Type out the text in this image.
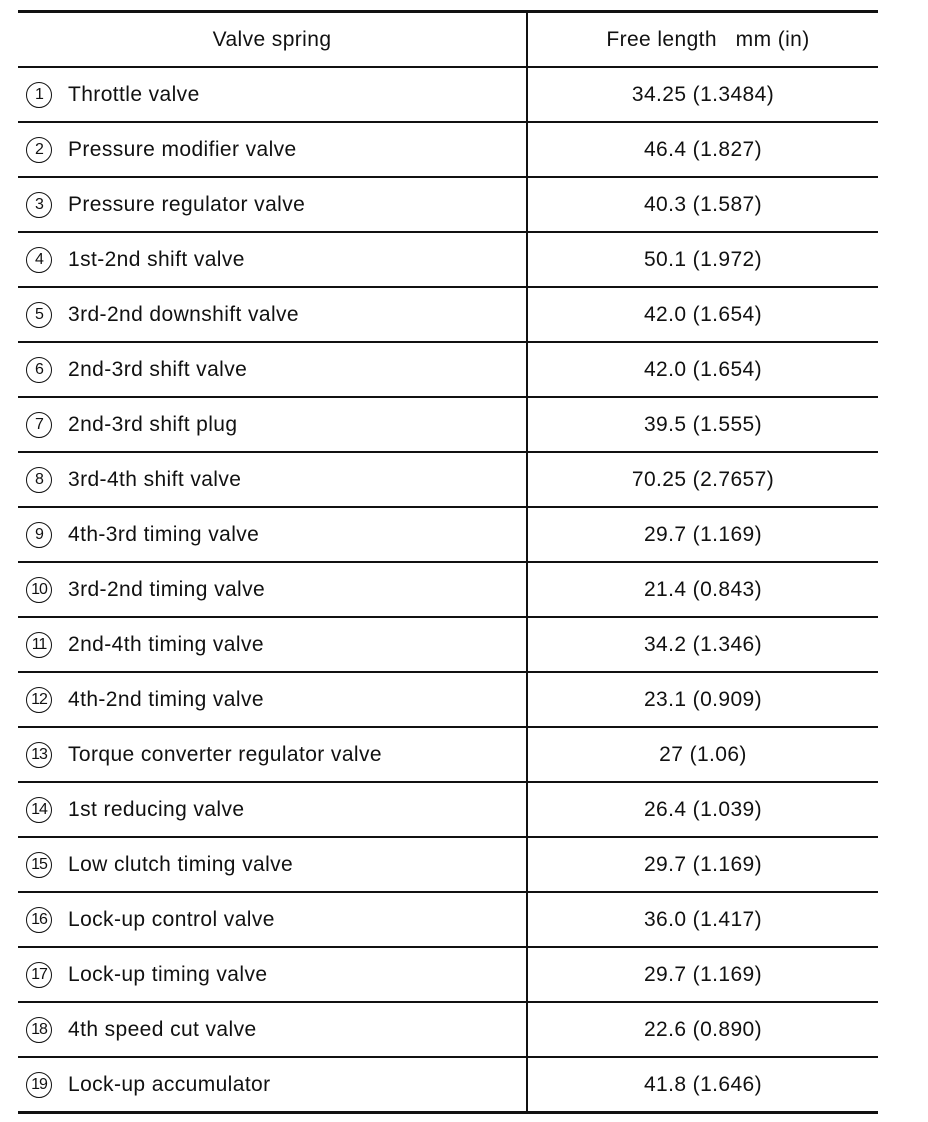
Valve spring	Free length   mm (in)
1 Throttle valve	34.25 (1.3484)
2 Pressure modifier valve	46.4 (1.827)
3 Pressure regulator valve	40.3 (1.587)
4 1st-2nd shift valve	50.1 (1.972)
5 3rd-2nd downshift valve	42.0 (1.654)
6 2nd-3rd shift valve	42.0 (1.654)
7 2nd-3rd shift plug	39.5 (1.555)
8 3rd-4th shift valve	70.25 (2.7657)
9 4th-3rd timing valve	29.7 (1.169)
10 3rd-2nd timing valve	21.4 (0.843)
11 2nd-4th timing valve	34.2 (1.346)
12 4th-2nd timing valve	23.1 (0.909)
13 Torque converter regulator valve	27 (1.06)
14 1st reducing valve	26.4 (1.039)
15 Low clutch timing valve	29.7 (1.169)
16 Lock-up control valve	36.0 (1.417)
17 Lock-up timing valve	29.7 (1.169)
18 4th speed cut valve	22.6 (0.890)
19 Lock-up accumulator	41.8 (1.646)
